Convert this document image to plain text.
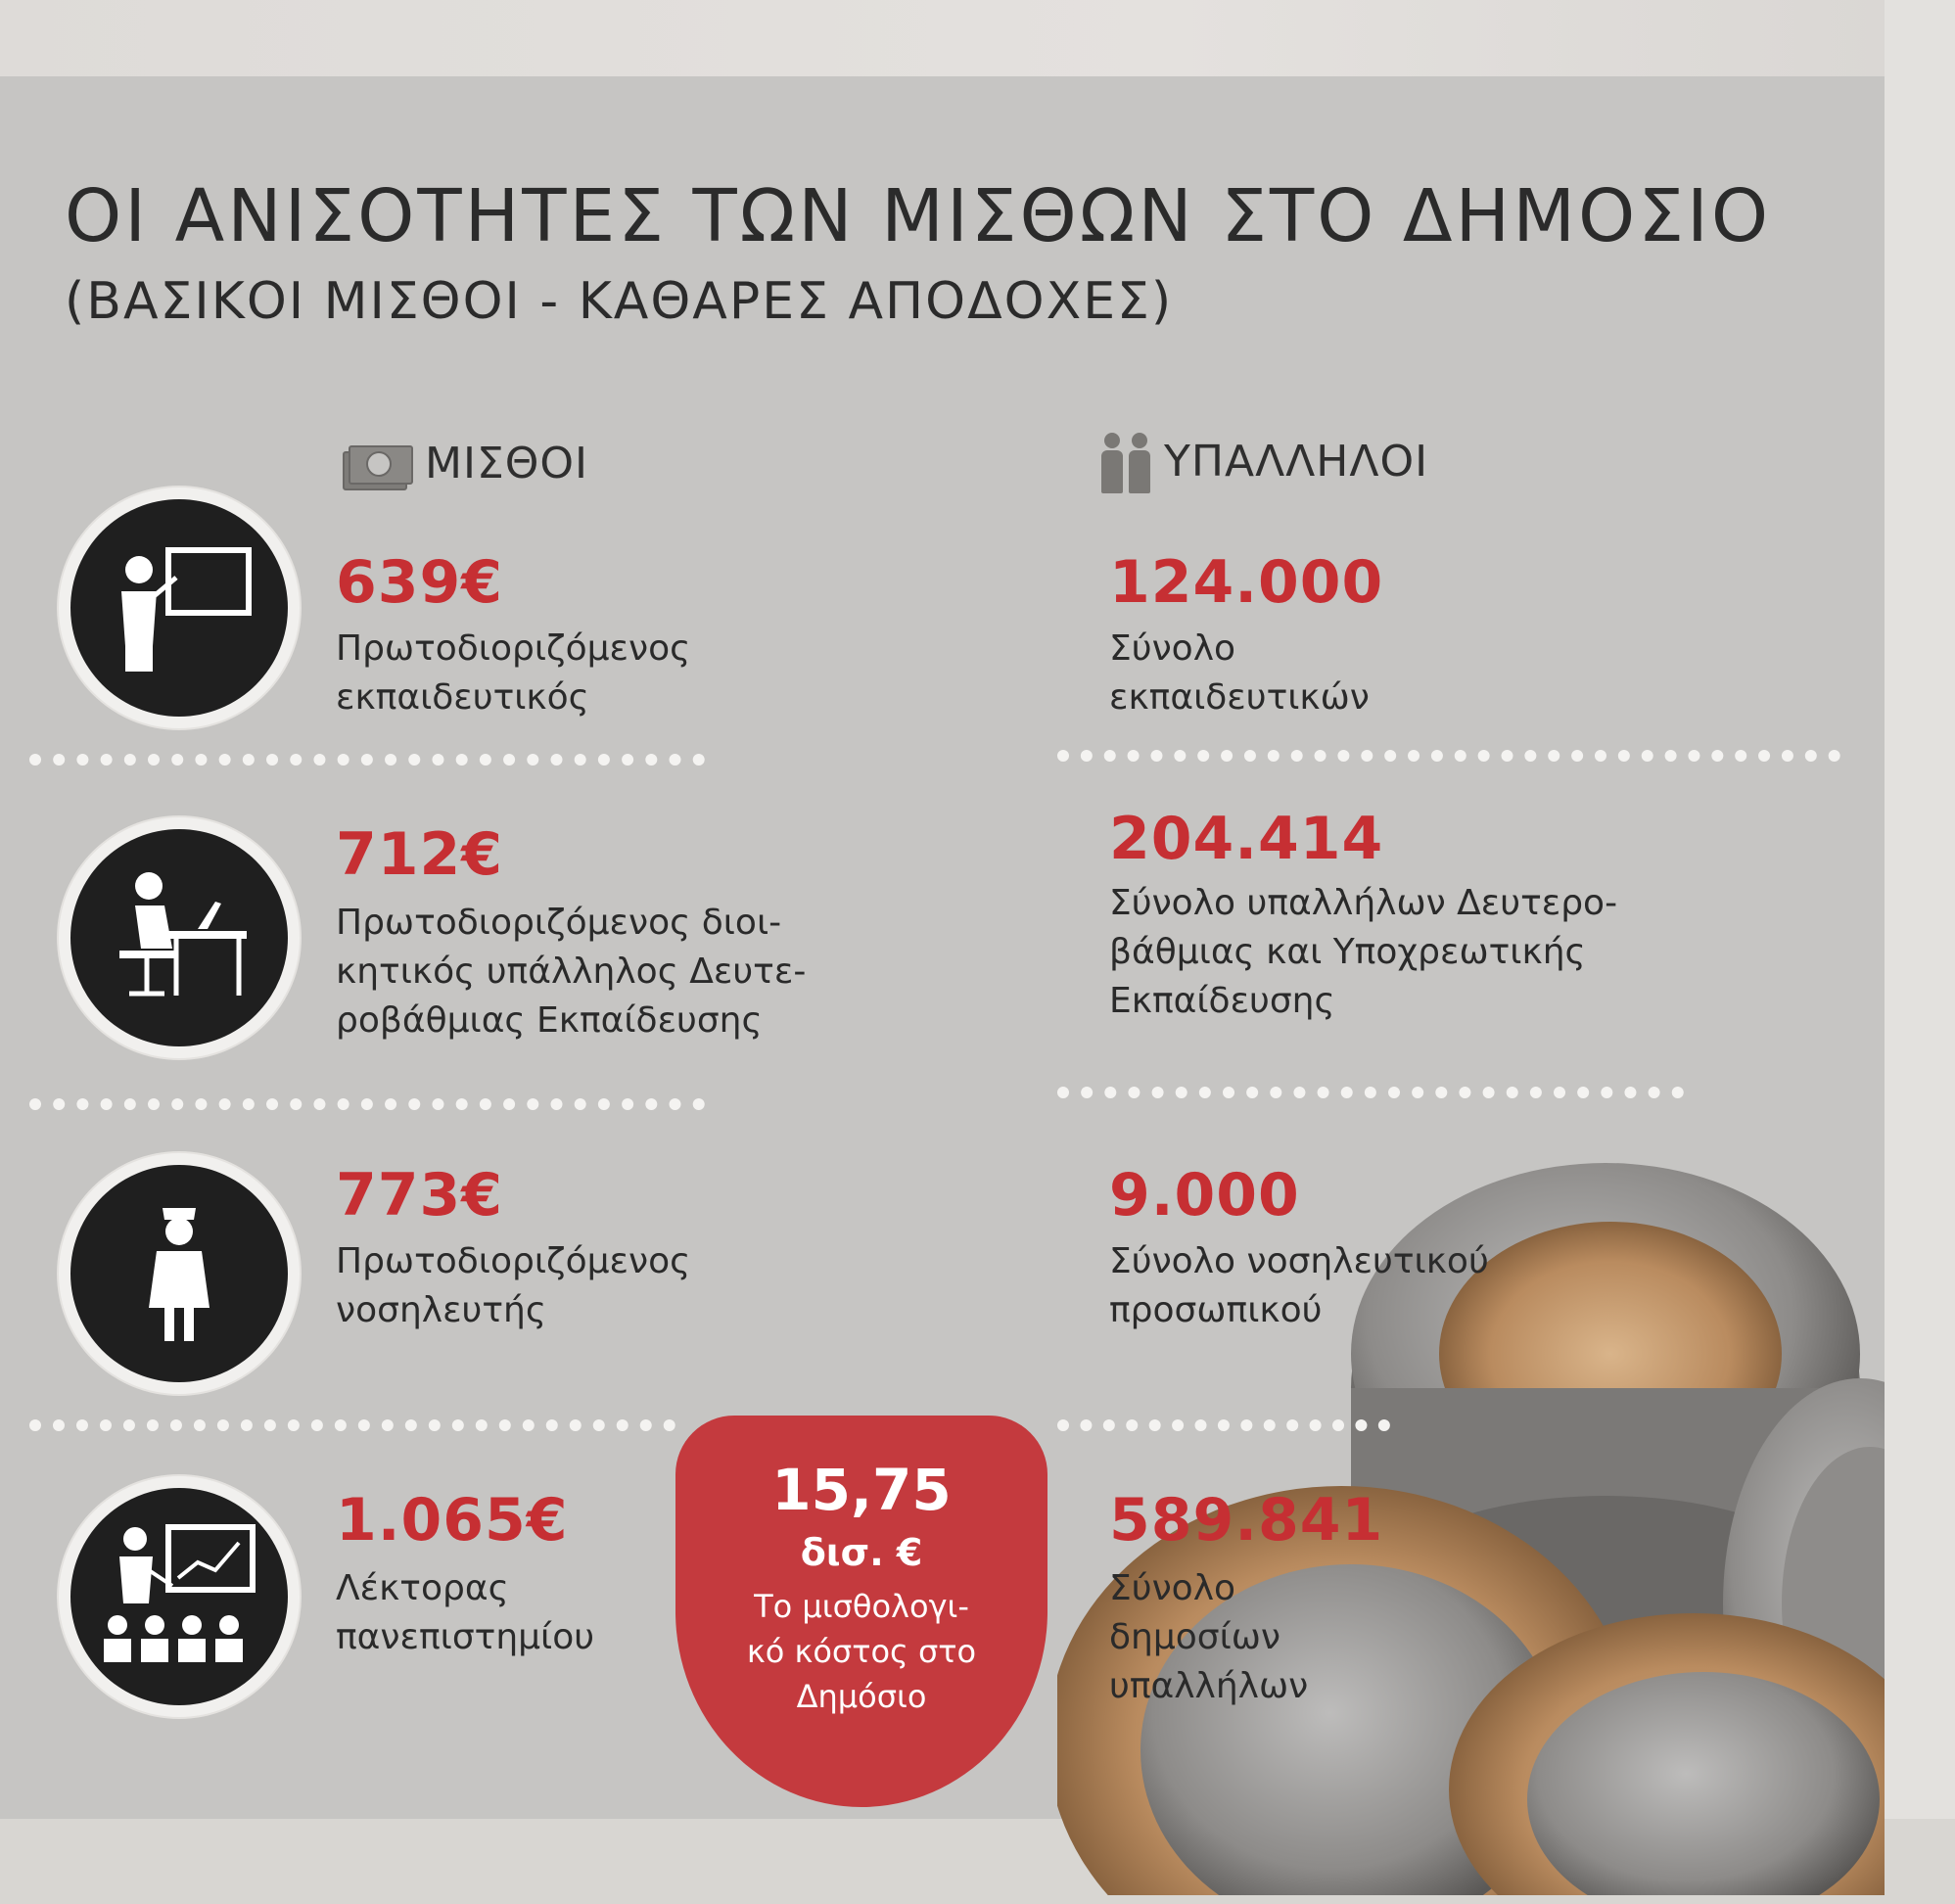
ΟΙ ΑΝΙΣΟΤΗΤΕΣ ΤΩΝ ΜΙΣΘΩΝ ΣΤΟ ΔΗΜΟΣΙΟ
(ΒΑΣΙΚΟΙ ΜΙΣΘΟΙ - ΚΑΘΑΡΕΣ ΑΠΟΔΟΧΕΣ)
ΜΙΣΘΟΙ	ΥΠΑΛΛΗΛΟΙ
639€
Πρωτοδιοριζόμενος
εκπαιδευτικός
124.000
Σύνολο
εκπαιδευτικών
712€
Πρωτοδιοριζόμενος διοι-
κητικός υπάλληλος Δευτε-
ροβάθμιας Εκπαίδευσης
204.414
Σύνολο υπαλλήλων Δευτερο-
βάθμιας και Υποχρεωτικής
Εκπαίδευσης
773€
Πρωτοδιοριζόμενος
νοσηλευτής
9.000
Σύνολο νοσηλευτικού
προσωπικού
1.065€
Λέκτορας
πανεπιστημίου
589.841
Σύνολο
δημοσίων
υπαλλήλων
15,75
δισ. €
Το μισθολογι-
κό κόστος στο
Δημόσιο
